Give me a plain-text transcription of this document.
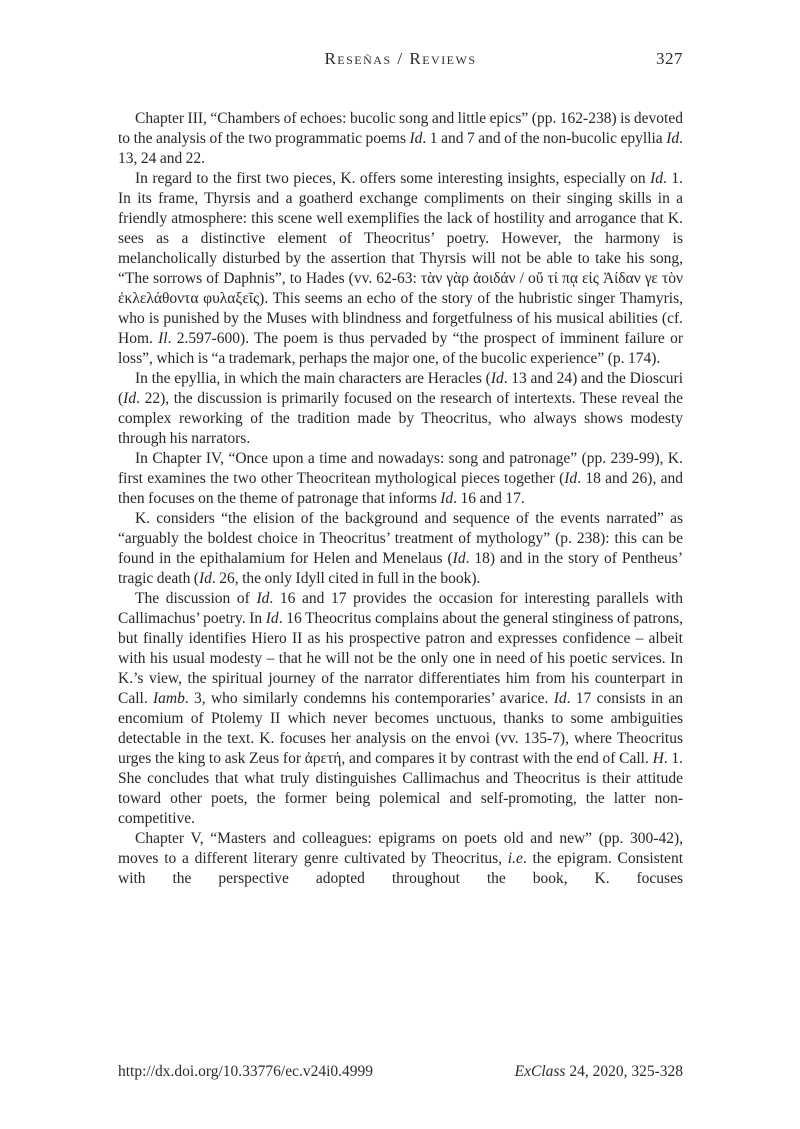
Reseñas / Reviews	327

Chapter III, “Chambers of echoes: bucolic song and little epics” (pp. 162-238) is devoted to the analysis of the two programmatic poems Id. 1 and 7 and of the non-bucolic epyllia Id. 13, 24 and 22.

In regard to the first two pieces, K. offers some interesting insights, especially on Id. 1. In its frame, Thyrsis and a goatherd exchange compliments on their singing skills in a friendly atmosphere: this scene well exemplifies the lack of hostility and arrogance that K. sees as a distinctive element of Theocritus’ poetry. However, the harmony is melancholically disturbed by the assertion that Thyrsis will not be able to take his song, “The sorrows of Daphnis”, to Hades (vv. 62-63: τὰν γὰρ ἀοιδάν / οὔ τί πᾳ εἰς Ἀίδαν γε τὸν ἐκλελάθοντα φυλαξεῖς). This seems an echo of the story of the hubristic singer Thamyris, who is punished by the Muses with blindness and forgetfulness of his musical abilities (cf. Hom. Il. 2.597-600). The poem is thus pervaded by “the prospect of imminent failure or loss”, which is “a trademark, perhaps the major one, of the bucolic experience” (p. 174).

In the epyllia, in which the main characters are Heracles (Id. 13 and 24) and the Dioscuri (Id. 22), the discussion is primarily focused on the research of intertexts. These reveal the complex reworking of the tradition made by Theocritus, who always shows modesty through his narrators.

In Chapter IV, “Once upon a time and nowadays: song and patronage” (pp. 239-99), K. first examines the two other Theocritean mythological pieces together (Id. 18 and 26), and then focuses on the theme of patronage that informs Id. 16 and 17.

K. considers “the elision of the background and sequence of the events narrated” as “arguably the boldest choice in Theocritus’ treatment of mythology” (p. 238): this can be found in the epithalamium for Helen and Menelaus (Id. 18) and in the story of Pentheus’ tragic death (Id. 26, the only Idyll cited in full in the book).

The discussion of Id. 16 and 17 provides the occasion for interesting parallels with Callimachus’ poetry. In Id. 16 Theocritus complains about the general stinginess of patrons, but finally identifies Hiero II as his prospective patron and expresses confidence – albeit with his usual modesty – that he will not be the only one in need of his poetic services. In K.’s view, the spiritual journey of the narrator differentiates him from his counterpart in Call. Iamb. 3, who similarly condemns his contemporaries’ avarice. Id. 17 consists in an encomium of Ptolemy II which never becomes unctuous, thanks to some ambiguities detectable in the text. K. focuses her analysis on the envoi (vv. 135-7), where Theocritus urges the king to ask Zeus for ἀρετή, and compares it by contrast with the end of Call. H. 1. She concludes that what truly distinguishes Callimachus and Theocritus is their attitude toward other poets, the former being polemical and self-promoting, the latter non-competitive.

Chapter V, “Masters and colleagues: epigrams on poets old and new” (pp. 300-42), moves to a different literary genre cultivated by Theocritus, i.e. the epigram. Consistent with the perspective adopted throughout the book, K. focuses

http://dx.doi.org/10.33776/ec.v24i0.4999	ExClass 24, 2020, 325-328
